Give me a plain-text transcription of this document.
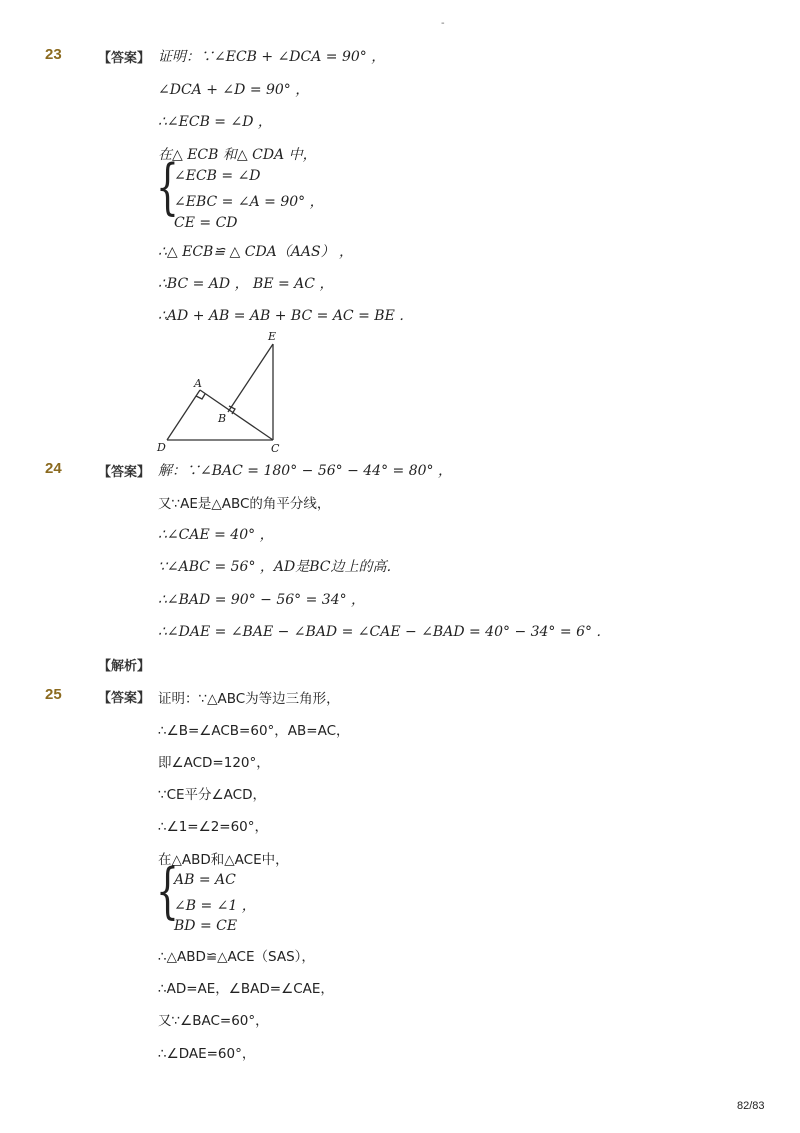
-
23	【答案】 证明：∵∠ECB + ∠DCA = 90° ，
∠DCA + ∠D = 90° ，
∴∠ECB = ∠D ，
在△ ECB 和△ CDA 中，
{
∠ECB = ∠D
∠EBC = ∠A = 90° ，
CE = CD
∴△ ECB≌ △ CDA（AAS） ，
∴BC = AD ， BE = AC ，
∴AD + AB = AB + BC = AC = BE ．
E
A
B
D	C
24	【答案】 解：∵∠BAC = 180° − 56° − 44° = 80° ，
又∵AE是△ABC的角平分线，
∴∠CAE = 40° ，
∵∠ABC = 56° ，AD是BC边上的高．
∴∠BAD = 90° − 56° = 34° ，
∴∠DAE = ∠BAE − ∠BAD = ∠CAE − ∠BAD = 40° − 34° = 6° ．
【解析】
25	【答案】 证明：∵△ABC为等边三角形，
∴∠B=∠ACB=60°，AB=AC，
即∠ACD=120°，
∵CE平分∠ACD，
∴∠1=∠2=60°，
在△ABD和△ACE中，
{
AB = AC
∠B = ∠1 ，
BD = CE
∴△ABD≌△ACE（SAS），
∴AD=AE，∠BAD=∠CAE，
又∵∠BAC=60°，
∴∠DAE=60°，
82/83
